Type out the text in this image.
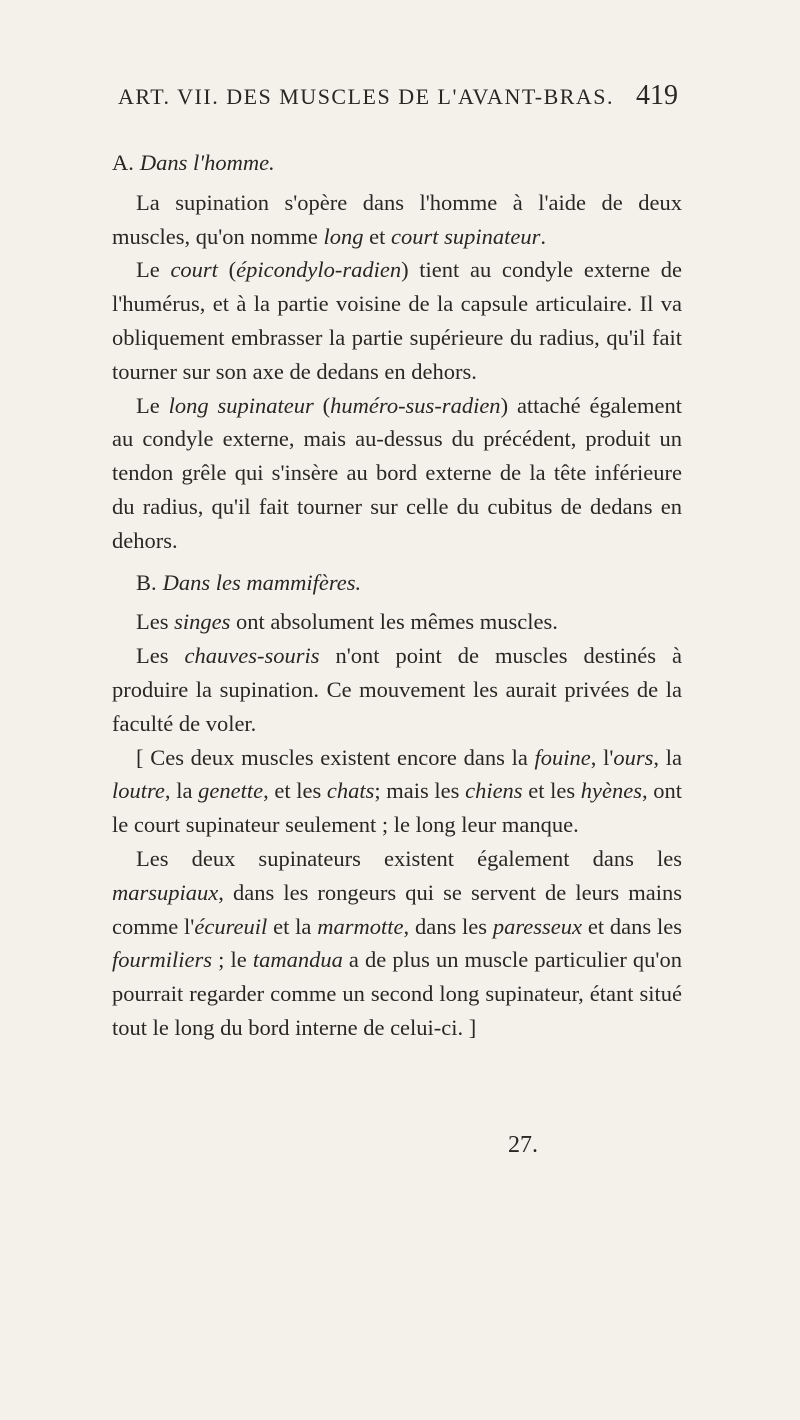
ART. VII. DES MUSCLES DE L'AVANT-BRAS. 419

A. Dans l'homme.

La supination s'opère dans l'homme à l'aide de deux muscles, qu'on nomme long et court supinateur.

Le court (épicondylo-radien) tient au condyle externe de l'humérus, et à la partie voisine de la capsule articulaire. Il va obliquement embrasser la partie supérieure du radius, qu'il fait tourner sur son axe de dedans en dehors.

Le long supinateur (huméro-sus-radien) attaché également au condyle externe, mais au-dessus du précédent, produit un tendon grêle qui s'insère au bord externe de la tête inférieure du radius, qu'il fait tourner sur celle du cubitus de dedans en dehors.

B. Dans les mammifères.

Les singes ont absolument les mêmes muscles.

Les chauves-souris n'ont point de muscles destinés à produire la supination. Ce mouvement les aurait privées de la faculté de voler.

[ Ces deux muscles existent encore dans la fouine, l'ours, la loutre, la genette, et les chats; mais les chiens et les hyènes, ont le court supinateur seulement ; le long leur manque.

Les deux supinateurs existent également dans les marsupiaux, dans les rongeurs qui se servent de leurs mains comme l'écureuil et la marmotte, dans les paresseux et dans les fourmiliers ; le tamandua a de plus un muscle particulier qu'on pourrait regarder comme un second long supinateur, étant situé tout le long du bord interne de celui-ci. ]

27.
